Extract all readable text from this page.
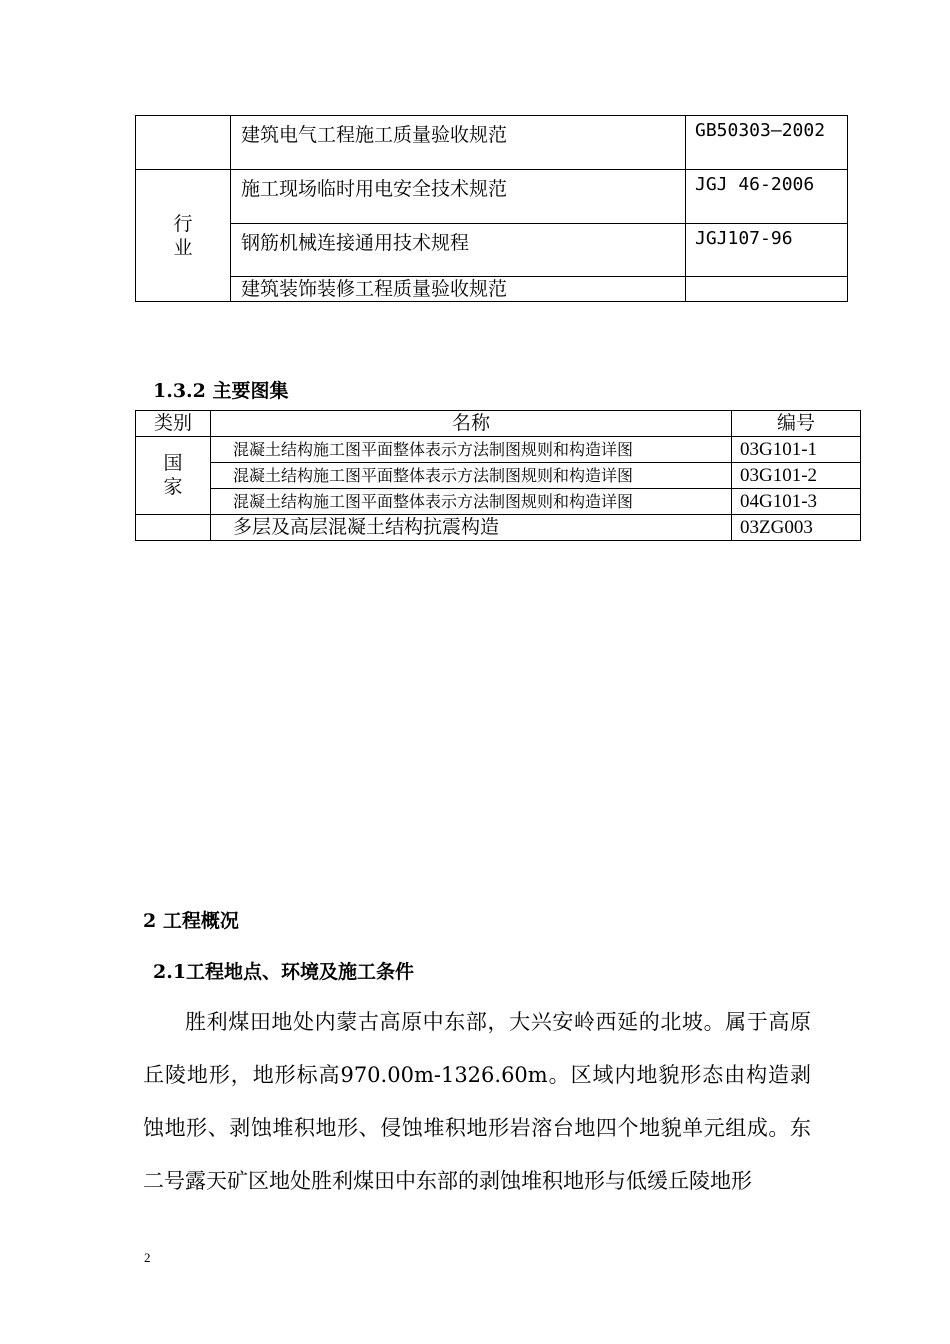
	建筑电气工程施工质量验收规范	GB50303—2002
行
业	施工现场临时用电安全技术规范	JGJ 46-2006
	钢筋机械连接通用技术规程	JGJ107-96
	建筑装饰装修工程质量验收规范	
1.3.2 主要图集
类别	名称	编号
国
家	混凝土结构施工图平面整体表示方法制图规则和构造详图	03G101-1
	混凝土结构施工图平面整体表示方法制图规则和构造详图	03G101-2
	混凝土结构施工图平面整体表示方法制图规则和构造详图	04G101-3
	多层及高层混凝土结构抗震构造	03ZG003
2 工程概况
2.1工程地点、环境及施工条件

胜利煤田地处内蒙古高原中东部，大兴安岭西延的北坡。属于高原丘陵地形，地形标高970.00m-1326.60m。区域内地貌形态由构造剥蚀地形、剥蚀堆积地形、侵蚀堆积地形岩溶台地四个地貌单元组成。东二号露天矿区地处胜利煤田中东部的剥蚀堆积地形与低缓丘陵地形

2
